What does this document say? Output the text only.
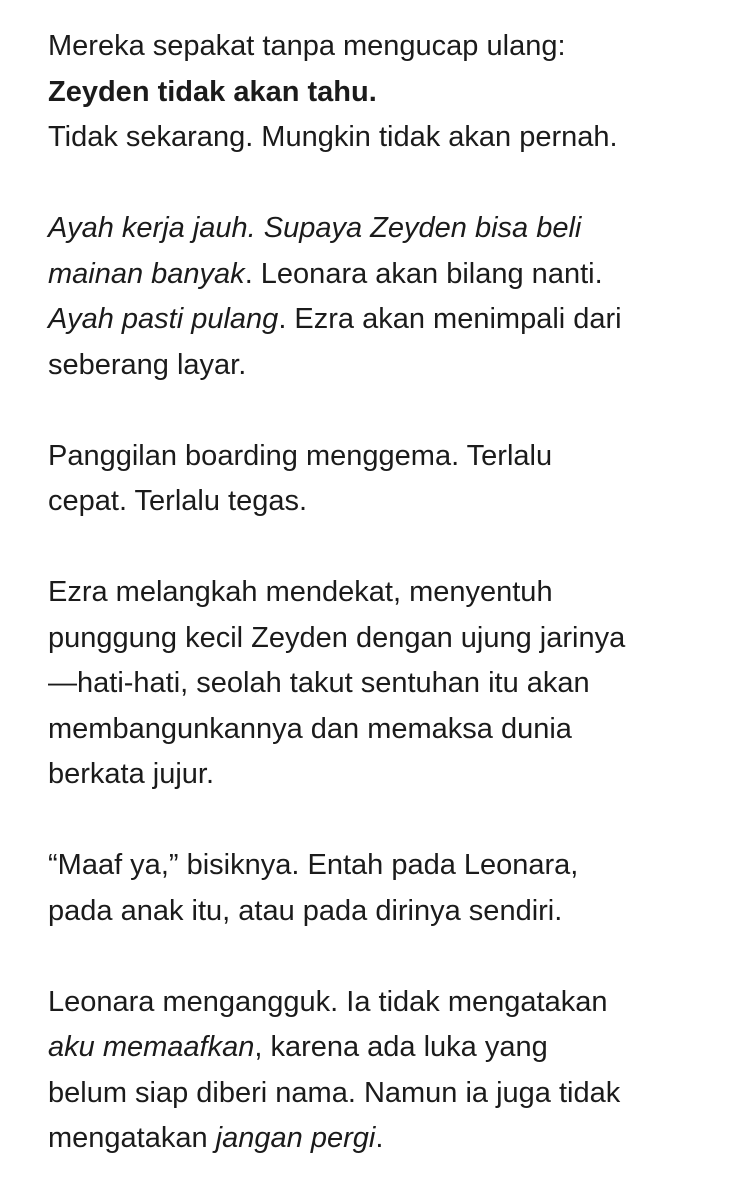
Mereka sepakat tanpa mengucap ulang:
Zeyden tidak akan tahu.
Tidak sekarang. Mungkin tidak akan pernah.
Ayah kerja jauh. Supaya Zeyden bisa beli
mainan banyak. Leonara akan bilang nanti.
Ayah pasti pulang. Ezra akan menimpali dari
seberang layar.
Panggilan boarding menggema. Terlalu
cepat. Terlalu tegas.
Ezra melangkah mendekat, menyentuh
punggung kecil Zeyden dengan ujung jarinya
—hati-hati, seolah takut sentuhan itu akan
membangunkannya dan memaksa dunia
berkata jujur.
“Maaf ya,” bisiknya. Entah pada Leonara,
pada anak itu, atau pada dirinya sendiri.
Leonara mengangguk. Ia tidak mengatakan
aku memaafkan, karena ada luka yang
belum siap diberi nama. Namun ia juga tidak
mengatakan jangan pergi.
